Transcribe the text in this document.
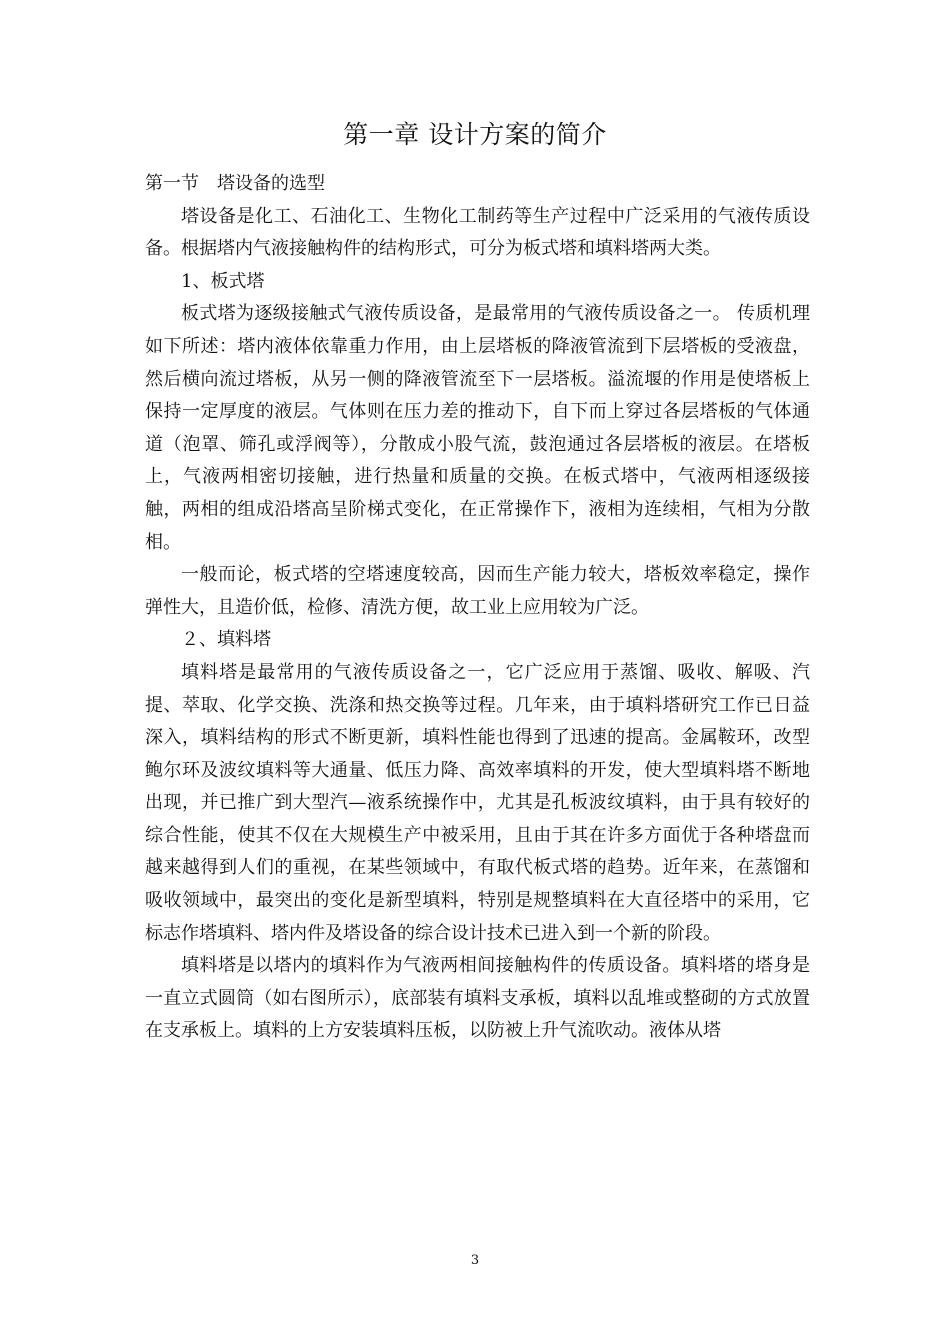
第一章 设计方案的简介

第一节　塔设备的选型

塔设备是化工、石油化工、生物化工制药等生产过程中广泛采用的气液传质设备。根据塔内气液接触构件的结构形式，可分为板式塔和填料塔两大类。

1、板式塔

板式塔为逐级接触式气液传质设备，是最常用的气液传质设备之一。 传质机理如下所述：塔内液体依靠重力作用，由上层塔板的降液管流到下层塔板的受液盘，然后横向流过塔板，从另一侧的降液管流至下一层塔板。溢流堰的作用是使塔板上保持一定厚度的液层。气体则在压力差的推动下，自下而上穿过各层塔板的气体通道（泡罩、筛孔或浮阀等），分散成小股气流，鼓泡通过各层塔板的液层。在塔板上，气液两相密切接触，进行热量和质量的交换。在板式塔中，气液两相逐级接触，两相的组成沿塔高呈阶梯式变化，在正常操作下，液相为连续相，气相为分散相。

一般而论，板式塔的空塔速度较高，因而生产能力较大，塔板效率稳定，操作弹性大，且造价低，检修、清洗方便，故工业上应用较为广泛。

２、填料塔

填料塔是最常用的气液传质设备之一，它广泛应用于蒸馏、吸收、解吸、汽提、萃取、化学交换、洗涤和热交换等过程。几年来，由于填料塔研究工作已日益深入，填料结构的形式不断更新，填料性能也得到了迅速的提高。金属鞍环，改型鲍尔环及波纹填料等大通量、低压力降、高效率填料的开发，使大型填料塔不断地出现，并已推广到大型汽—液系统操作中，尤其是孔板波纹填料，由于具有较好的综合性能，使其不仅在大规模生产中被采用，且由于其在许多方面优于各种塔盘而越来越得到人们的重视，在某些领域中，有取代板式塔的趋势。近年来，在蒸馏和吸收领域中，最突出的变化是新型填料，特别是规整填料在大直径塔中的采用，它标志作塔填料、塔内件及塔设备的综合设计技术已进入到一个新的阶段。

填料塔是以塔内的填料作为气液两相间接触构件的传质设备。填料塔的塔身是一直立式圆筒（如右图所示），底部装有填料支承板，填料以乱堆或整砌的方式放置在支承板上。填料的上方安装填料压板，以防被上升气流吹动。液体从塔

3
